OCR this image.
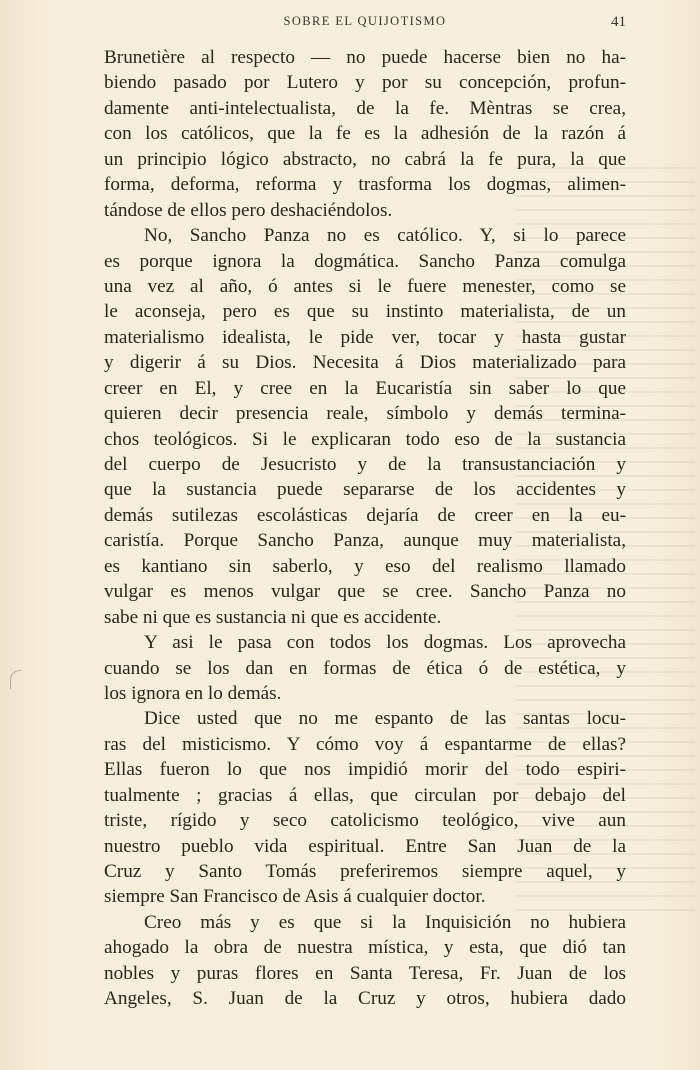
SOBRE EL QUIJOTISMO	41
Brunetière al respecto — no puede hacerse bien no ha-
biendo pasado por Lutero y por su concepción, profun-
damente anti-intelectualista, de la fe. Mèntras se crea,
con los católicos, que la fe es la adhesión de la razón á
un principio lógico abstracto, no cabrá la fe pura, la que
forma, deforma, reforma y trasforma los dogmas, alimen-
tándose de ellos pero deshaciéndolos.
No, Sancho Panza no es católico. Y, si lo parece
es porque ignora la dogmática. Sancho Panza comulga
una vez al año, ó antes si le fuere menester, como se
le aconseja, pero es que su instinto materialista, de un
materialismo idealista, le pide ver, tocar y hasta gustar
y digerir á su Dios. Necesita á Dios materializado para
creer en El, y cree en la Eucaristía sin saber lo que
quieren decir presencia reale, símbolo y demás termina-
chos teológicos. Si le explicaran todo eso de la sustancia
del cuerpo de Jesucristo y de la transustanciación y
que la sustancia puede separarse de los accidentes y
demás sutilezas escolásticas dejaría de creer en la eu-
caristía. Porque Sancho Panza, aunque muy materialista,
es kantiano sin saberlo, y eso del realismo llamado
vulgar es menos vulgar que se cree. Sancho Panza no
sabe ni que es sustancia ni que es accidente.
Y asi le pasa con todos los dogmas. Los aprovecha
cuando se los dan en formas de ética ó de estética, y
los ignora en lo demás.
Dice usted que no me espanto de las santas locu-
ras del misticismo. Y cómo voy á espantarme de ellas?
Ellas fueron lo que nos impidió morir del todo espiri-
tualmente ; gracias á ellas, que circulan por debajo del
triste, rígido y seco catolicismo teológico, vive aun
nuestro pueblo vida espiritual. Entre San Juan de la
Cruz y Santo Tomás preferiremos siempre aquel, y
siempre San Francisco de Asis á cualquier doctor.
Creo más y es que si la Inquisición no hubiera
ahogado la obra de nuestra mística, y esta, que dió tan
nobles y puras flores en Santa Teresa, Fr. Juan de los
Angeles, S. Juan de la Cruz y otros, hubiera dado
